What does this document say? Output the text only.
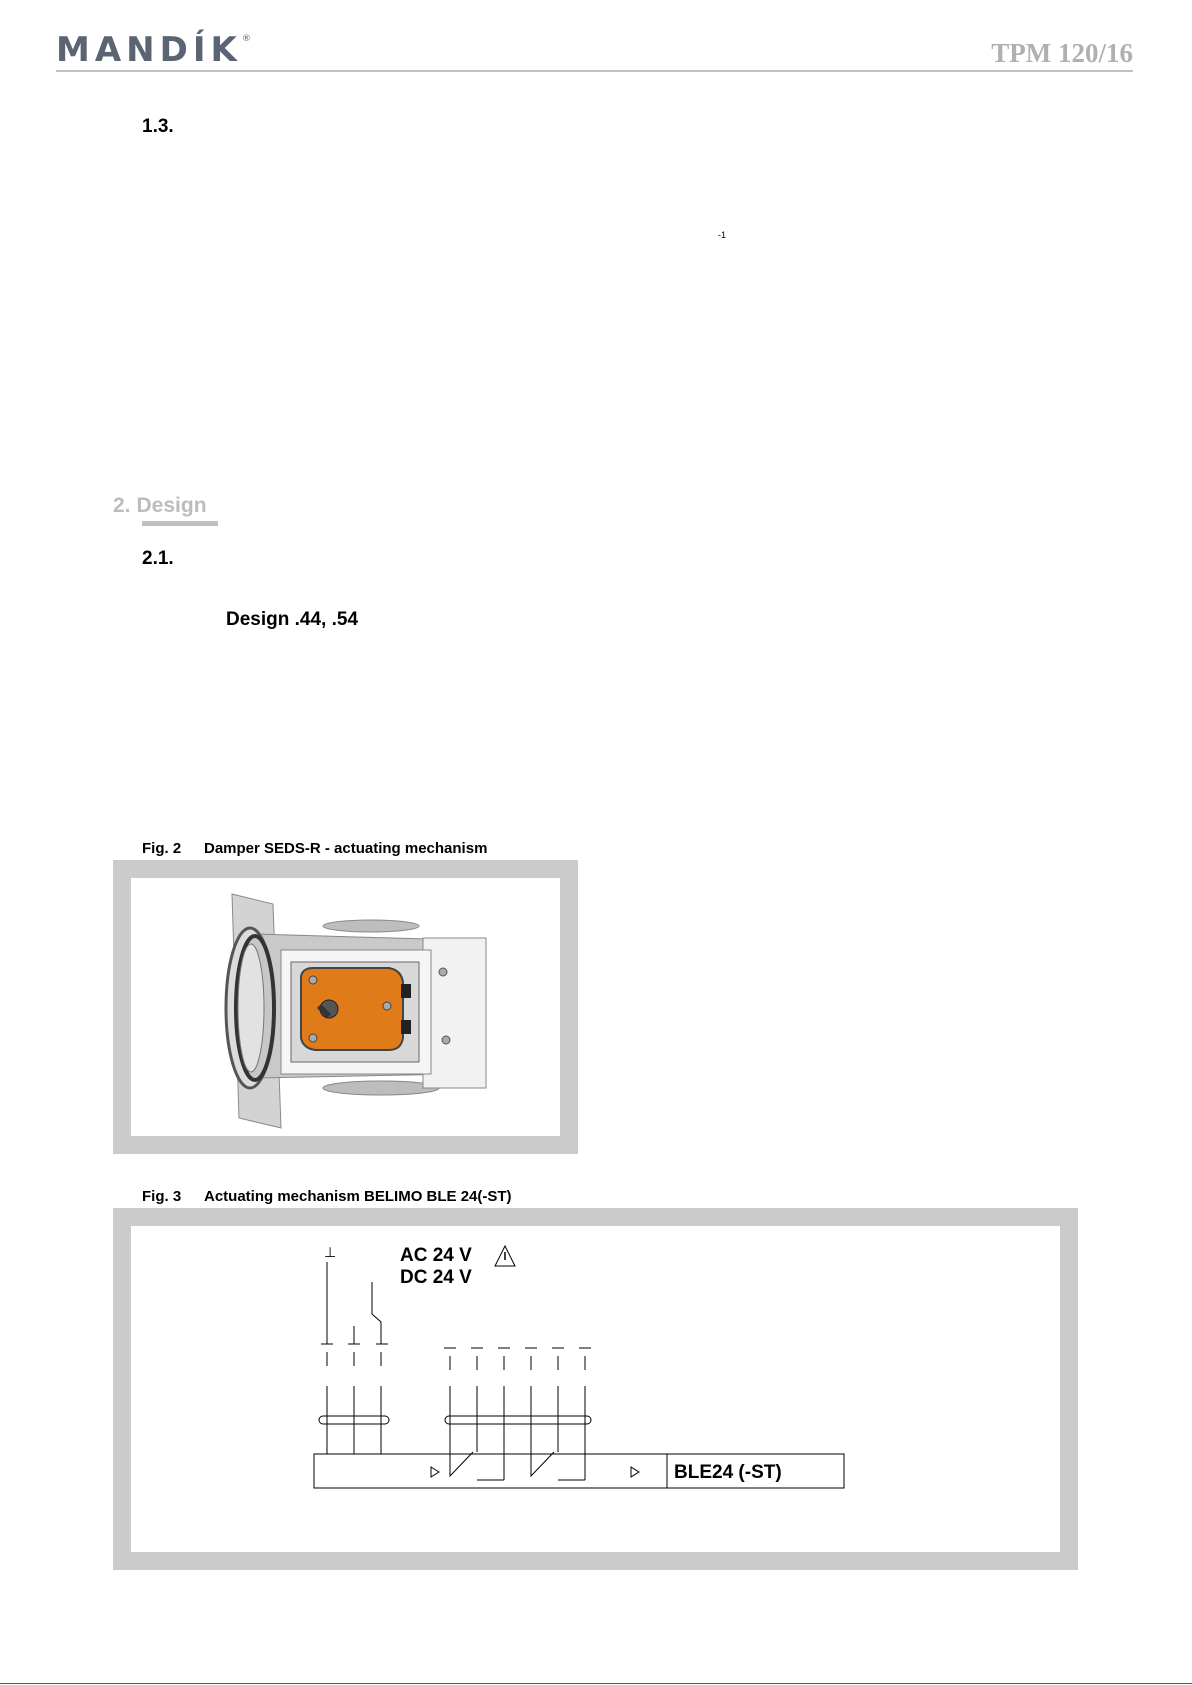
MANDÍK®	TPM 120/16
1.3.
-1
2. Design
2.1.
Design .44, .54
Fig. 2 Damper SEDS-R - actuating mechanism
Fig. 3 Actuating mechanism BELIMO BLE 24(-ST)
⊥	AC 24 V
DC 24 V
BLE24 (-ST)
